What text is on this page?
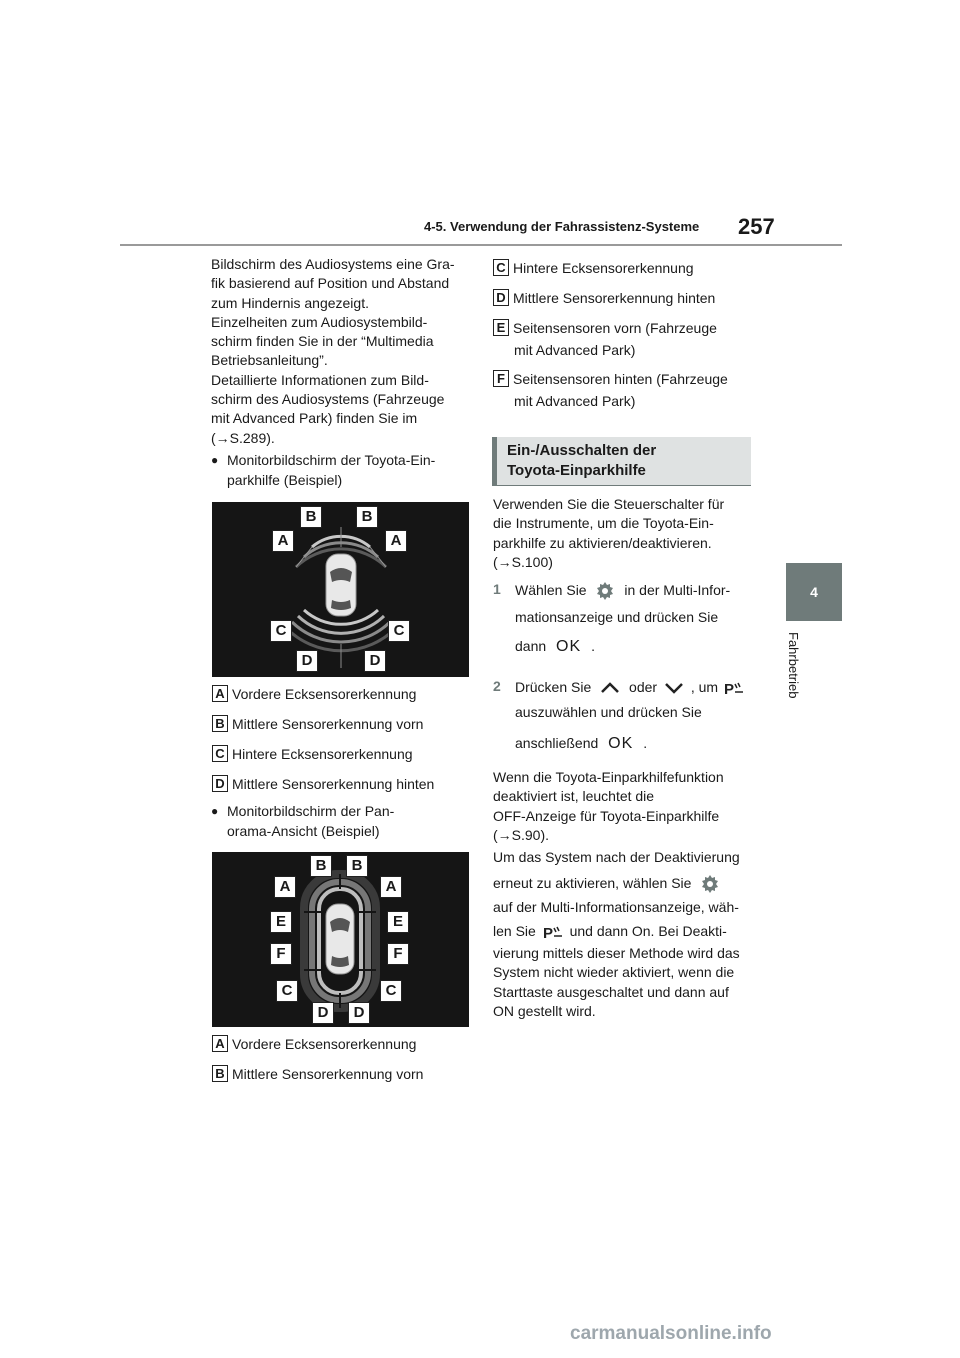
4-5. Verwendung der Fahrassistenz-Systeme 257
4
Fahrbetrieb
Bildschirm des Audiosystems eine Gra-
fik basierend auf Position und Abstand
zum Hindernis angezeigt.
Einzelheiten zum Audiosystembild-
schirm finden Sie in der “Multimedia
Betriebsanleitung”.
Detaillierte Informationen zum Bild-
schirm des Audiosystems (Fahrzeuge
mit Advanced Park) finden Sie im
(→S.289).
● Monitorbildschirm der Toyota-Ein-
parkhilfe (Beispiel)
B	B
A	A
C	C
D	D
A Vordere Ecksensorerkennung
B Mittlere Sensorerkennung vorn
C Hintere Ecksensorerkennung
D Mittlere Sensorerkennung hinten
● Monitorbildschirm der Pan-
orama-Ansicht (Beispiel)
B	B
A	A
E	E
F	F
C	C
D	D
A Vordere Ecksensorerkennung
B Mittlere Sensorerkennung vorn
C Hintere Ecksensorerkennung
D Mittlere Sensorerkennung hinten
E Seitensensoren vorn (Fahrzeuge
mit Advanced Park)
F Seitensensoren hinten (Fahrzeuge
mit Advanced Park)
Ein-/Ausschalten der
Toyota-Einparkhilfe
Verwenden Sie die Steuerschalter für
die Instrumente, um die Toyota-Ein-
parkhilfe zu aktivieren/deaktivieren.
(→S.100)
1 Wählen Sie	in der Multi-Infor-
mationsanzeige und drücken Sie
dann OK .
2 Drücken Sie	oder , um P
auszuwählen und drücken Sie
anschließend OK .
Wenn die Toyota-Einparkhilfefunktion
deaktiviert ist, leuchtet die
OFF-Anzeige für Toyota-Einparkhilfe
(→S.90).
Um das System nach der Deaktivierung
erneut zu aktivieren, wählen Sie
auf der Multi-Informationsanzeige, wäh-
len Sie P und dann On. Bei Deakti-
vierung mittels dieser Methode wird das
System nicht wieder aktiviert, wenn die
Starttaste ausgeschaltet und dann auf
ON gestellt wird.
carmanualsonline.info
